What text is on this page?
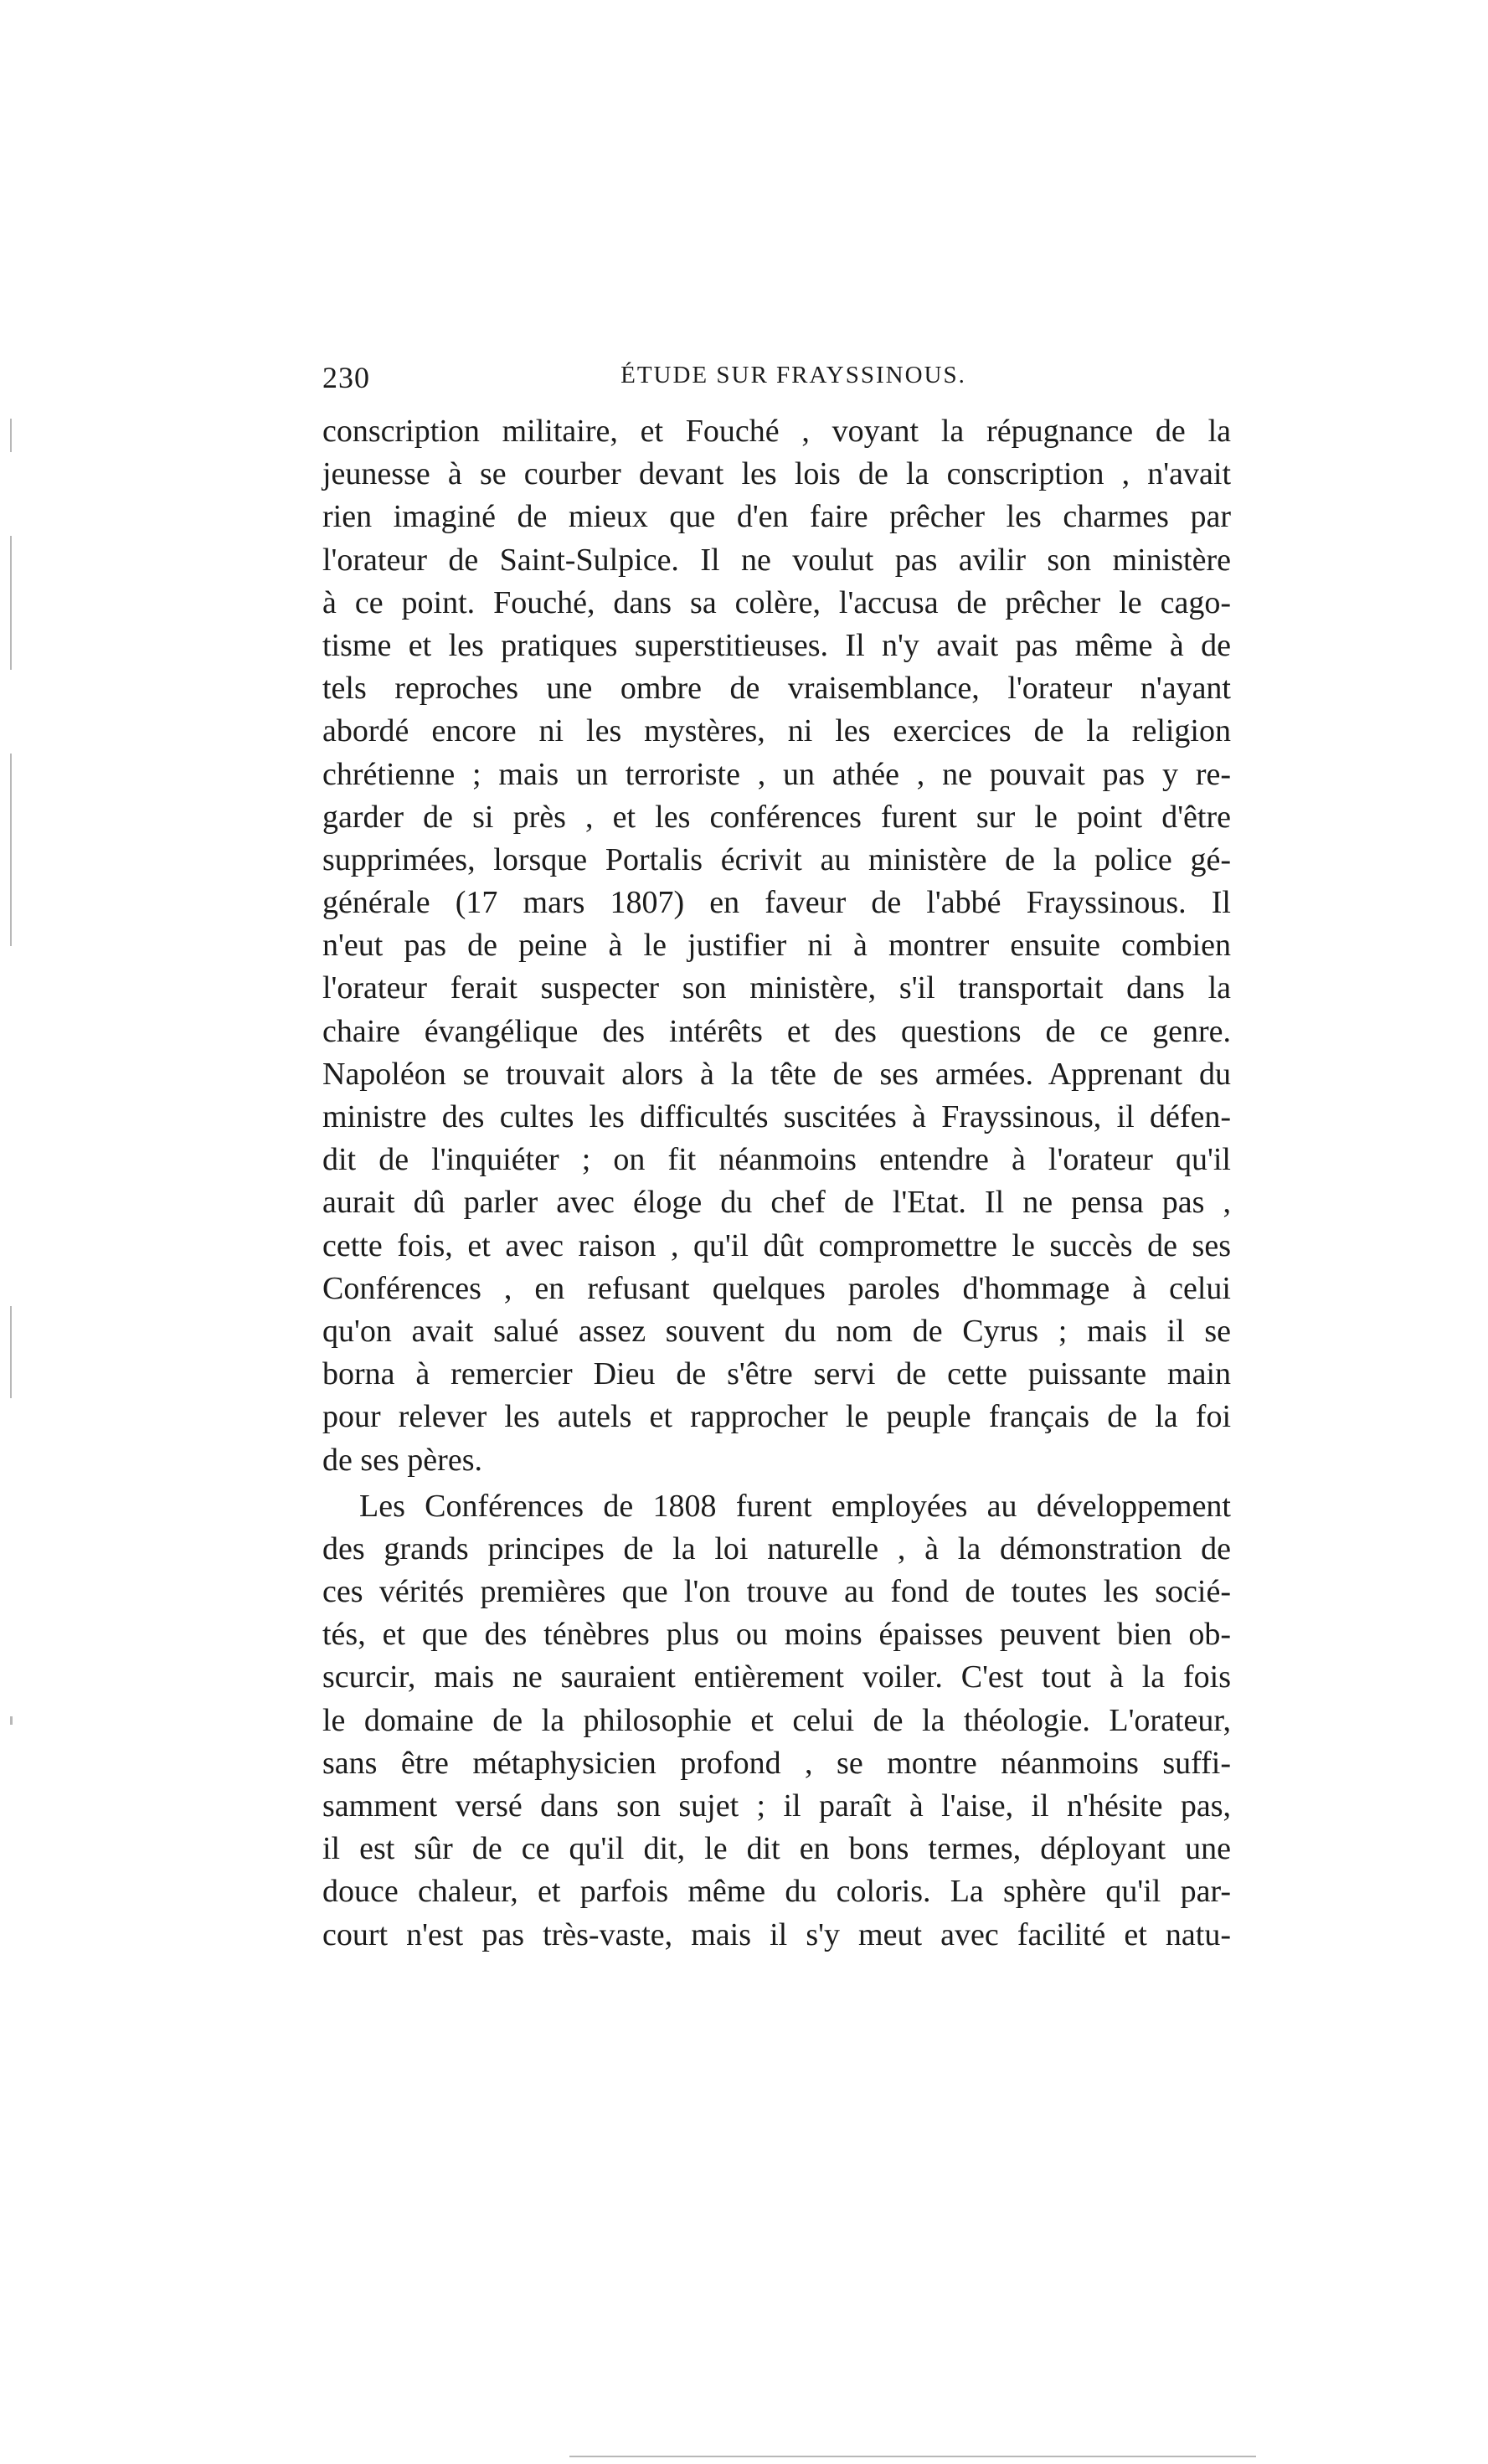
230	ÉTUDE SUR FRAYSSINOUS.
conscription militaire, et Fouché , voyant la répugnance de la
jeunesse à se courber devant les lois de la conscription , n'avait
rien imaginé de mieux que d'en faire prêcher les charmes par
l'orateur de Saint-Sulpice. Il ne voulut pas avilir son ministère
à ce point. Fouché, dans sa colère, l'accusa de prêcher le cago-
tisme et les pratiques superstitieuses. Il n'y avait pas même à de
tels reproches une ombre de vraisemblance, l'orateur n'ayant
abordé encore ni les mystères, ni les exercices de la religion
chrétienne ; mais un terroriste , un athée , ne pouvait pas y re-
garder de si près , et les conférences furent sur le point d'être
supprimées, lorsque Portalis écrivit au ministère de la police gé-
générale (17 mars 1807) en faveur de l'abbé Frayssinous. Il
n'eut pas de peine à le justifier ni à montrer ensuite combien
l'orateur ferait suspecter son ministère, s'il transportait dans la
chaire évangélique des intérêts et des questions de ce genre.
Napoléon se trouvait alors à la tête de ses armées. Apprenant du
ministre des cultes les difficultés suscitées à Frayssinous, il défen-
dit de l'inquiéter ; on fit néanmoins entendre à l'orateur qu'il
aurait dû parler avec éloge du chef de l'Etat. Il ne pensa pas ,
cette fois, et avec raison , qu'il dût compromettre le succès de ses
Conférences , en refusant quelques paroles d'hommage à celui
qu'on avait salué assez souvent du nom de Cyrus ; mais il se
borna à remercier Dieu de s'être servi de cette puissante main
pour relever les autels et rapprocher le peuple français de la foi
de ses pères.
Les Conférences de 1808 furent employées au développement
des grands principes de la loi naturelle , à la démonstration de
ces vérités premières que l'on trouve au fond de toutes les socié-
tés, et que des ténèbres plus ou moins épaisses peuvent bien ob-
scurcir, mais ne sauraient entièrement voiler. C'est tout à la fois
le domaine de la philosophie et celui de la théologie. L'orateur,
sans être métaphysicien profond , se montre néanmoins suffi-
samment versé dans son sujet ; il paraît à l'aise, il n'hésite pas,
il est sûr de ce qu'il dit, le dit en bons termes, déployant une
douce chaleur, et parfois même du coloris. La sphère qu'il par-
court n'est pas très-vaste, mais il s'y meut avec facilité et natu-
